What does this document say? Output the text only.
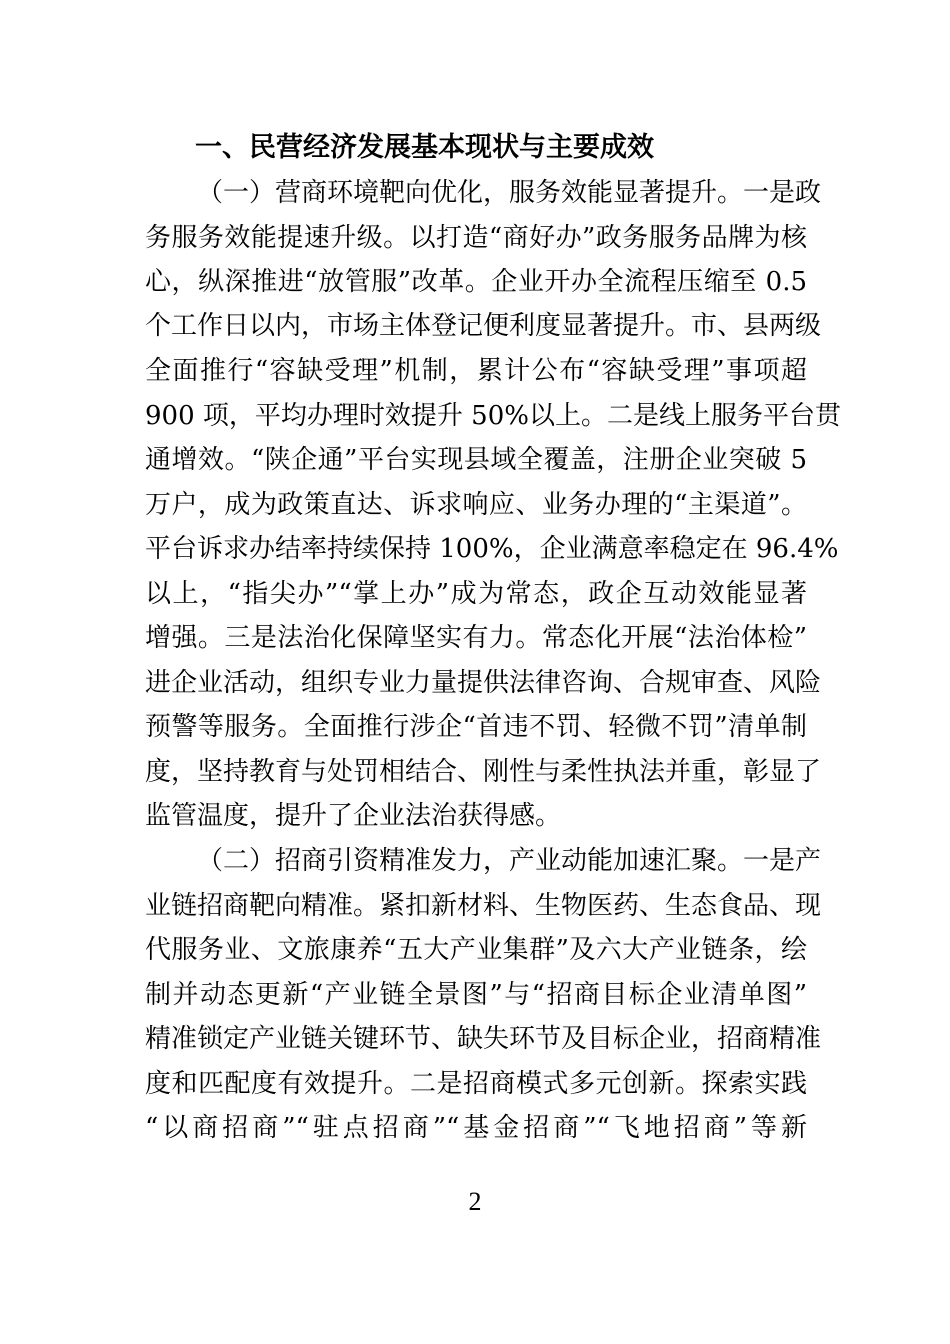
一、民营经济发展基本现状与主要成效
（一）营商环境靶向优化，服务效能显著提升。一是政
务服务效能提速升级。以打造“商好办”政务服务品牌为核
心，纵深推进“放管服”改革。企业开办全流程压缩至 0.5
个工作日以内，市场主体登记便利度显著提升。市、县两级
全面推行“容缺受理”机制，累计公布“容缺受理”事项超
900 项，平均办理时效提升 50%以上。二是线上服务平台贯
通增效。“陕企通”平台实现县域全覆盖，注册企业突破 5
万户，成为政策直达、诉求响应、业务办理的“主渠道”。
平台诉求办结率持续保持 100%，企业满意率稳定在 96.4%
以上，“指尖办”“掌上办”成为常态，政企互动效能显著
增强。三是法治化保障坚实有力。常态化开展“法治体检”
进企业活动，组织专业力量提供法律咨询、合规审查、风险
预警等服务。全面推行涉企“首违不罚、轻微不罚”清单制
度，坚持教育与处罚相结合、刚性与柔性执法并重，彰显了
监管温度，提升了企业法治获得感。
（二）招商引资精准发力，产业动能加速汇聚。一是产
业链招商靶向精准。紧扣新材料、生物医药、生态食品、现
代服务业、文旅康养“五大产业集群”及六大产业链条，绘
制并动态更新“产业链全景图”与“招商目标企业清单图”
精准锁定产业链关键环节、缺失环节及目标企业，招商精准
度和匹配度有效提升。二是招商模式多元创新。探索实践
“以商招商”“驻点招商”“基金招商”“飞地招商”等新
2
